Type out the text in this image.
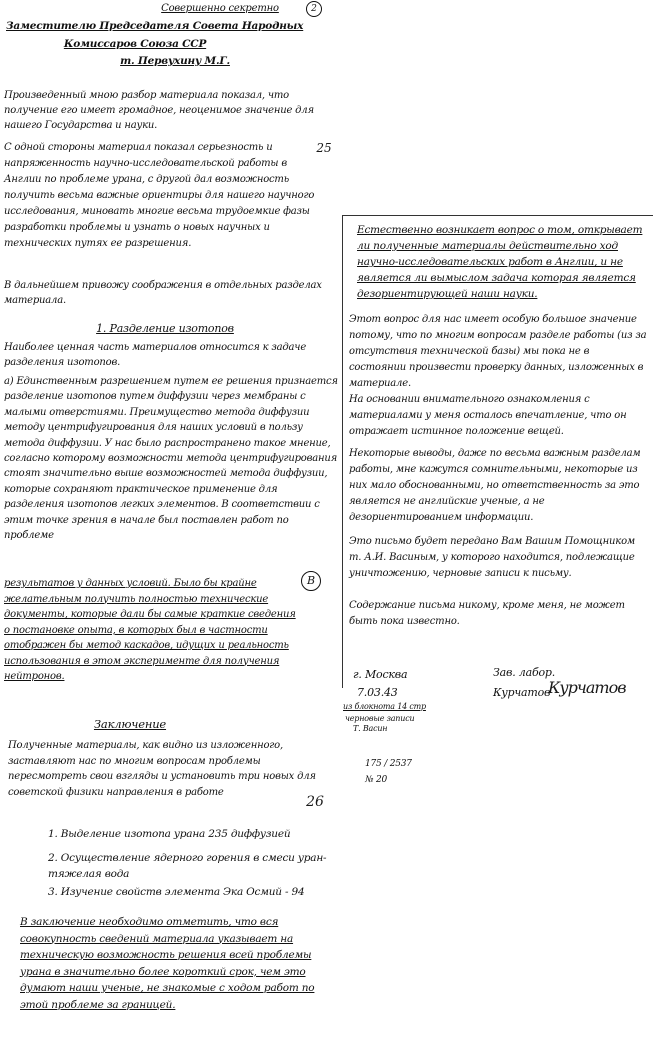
Совершенно секретно	2
Заместителю Председателя Совета Народных
Комиссаров Союза ССР
т. Первухину М.Г.
Произведенный мною разбор материала показал, что получение его имеет громадное, неоценимое значение для нашего Государства и науки.
С одной стороны материал показал серьезность и напряженность научно-исследовательской работы в Англии по проблеме урана, с другой дал возможность получить весьма важные ориентиры для нашего научного исследования, миновать многие весьма трудоемкие фазы разработки проблемы и узнать о новых научных и технических путях ее разрешения.
25
В дальнейшем привожу соображения в отдельных разделах материала.
1. Разделение изотопов
Наиболее ценная часть материалов относится к задаче разделения изотопов.
а) Единственным разрешением путем ее решения признается разделение изотопов путем диффузии через мембраны с малыми отверстиями. Преимущество метода диффузии методу центрифугирования для наших условий в пользу метода диффузии. У нас было распространено такое мнение, согласно которому возможности метода центрифугирования стоят значительно выше возможностей метода диффузии, которые сохраняют практическое применение для разделения изотопов легких элементов. В соответствии с этим точке зрения в начале был поставлен работ по проблеме
В
результатов у данных условий. Было бы крайне желательным получить полностью технические документы, которые дали бы самые краткие сведения о постановке опыта, в которых был в частности отображен бы метод каскадов, идущих и реальность использования в этом эксперименте для получения нейтронов.
Естественно возникает вопрос о том, открывает ли полученные материалы действительно ход научно-исследовательских работ в Англии, и не является ли вымыслом задача которая является дезориентирующей наши науки.
Этот вопрос для нас имеет особую большое значение потому, что по многим вопросам разделе работы (из за отсутствия технической базы) мы пока не в состоянии произвести проверку данных, изложенных в материале.
На основании внимательного ознакомления с материалами у меня осталось впечатление, что он отражает истинное положение вещей.
Некоторые выводы, даже по весьма важным разделам работы, мне кажутся сомнительными, некоторые из них мало обоснованными, но ответственность за это является не английские ученые, а не дезориентированием информации.
Это письмо будет передано Вам Вашим Помощником т. А.И. Васиным, у которого находится, подлежащие уничтожению, черновые записи к письму.
Содержание письма никому, кроме меня, не может быть пока известно.
г. Москва
7.03.43
Зав. лабор.
Курчатов
Курчатов
из блокнота 14 стр
черновые записи
Т. Васин
175 / 2537
№ 20
Заключение
26
Полученные материалы, как видно из изложенного, заставляют нас по многим вопросам проблемы пересмотреть свои взгляды и установить три новых для советской физики направления в работе
1. Выделение изотопа урана 235 диффузией
2. Осуществление ядерного горения в смеси уран-тяжелая вода
3. Изучение свойств элемента Эка Осмий - 94
В заключение необходимо отметить, что вся совокупность сведений материала указывает на техническую возможность решения всей проблемы урана в значительно более короткий срок, чем это думают наши ученые, не знакомые с ходом работ по этой проблеме за границей.
